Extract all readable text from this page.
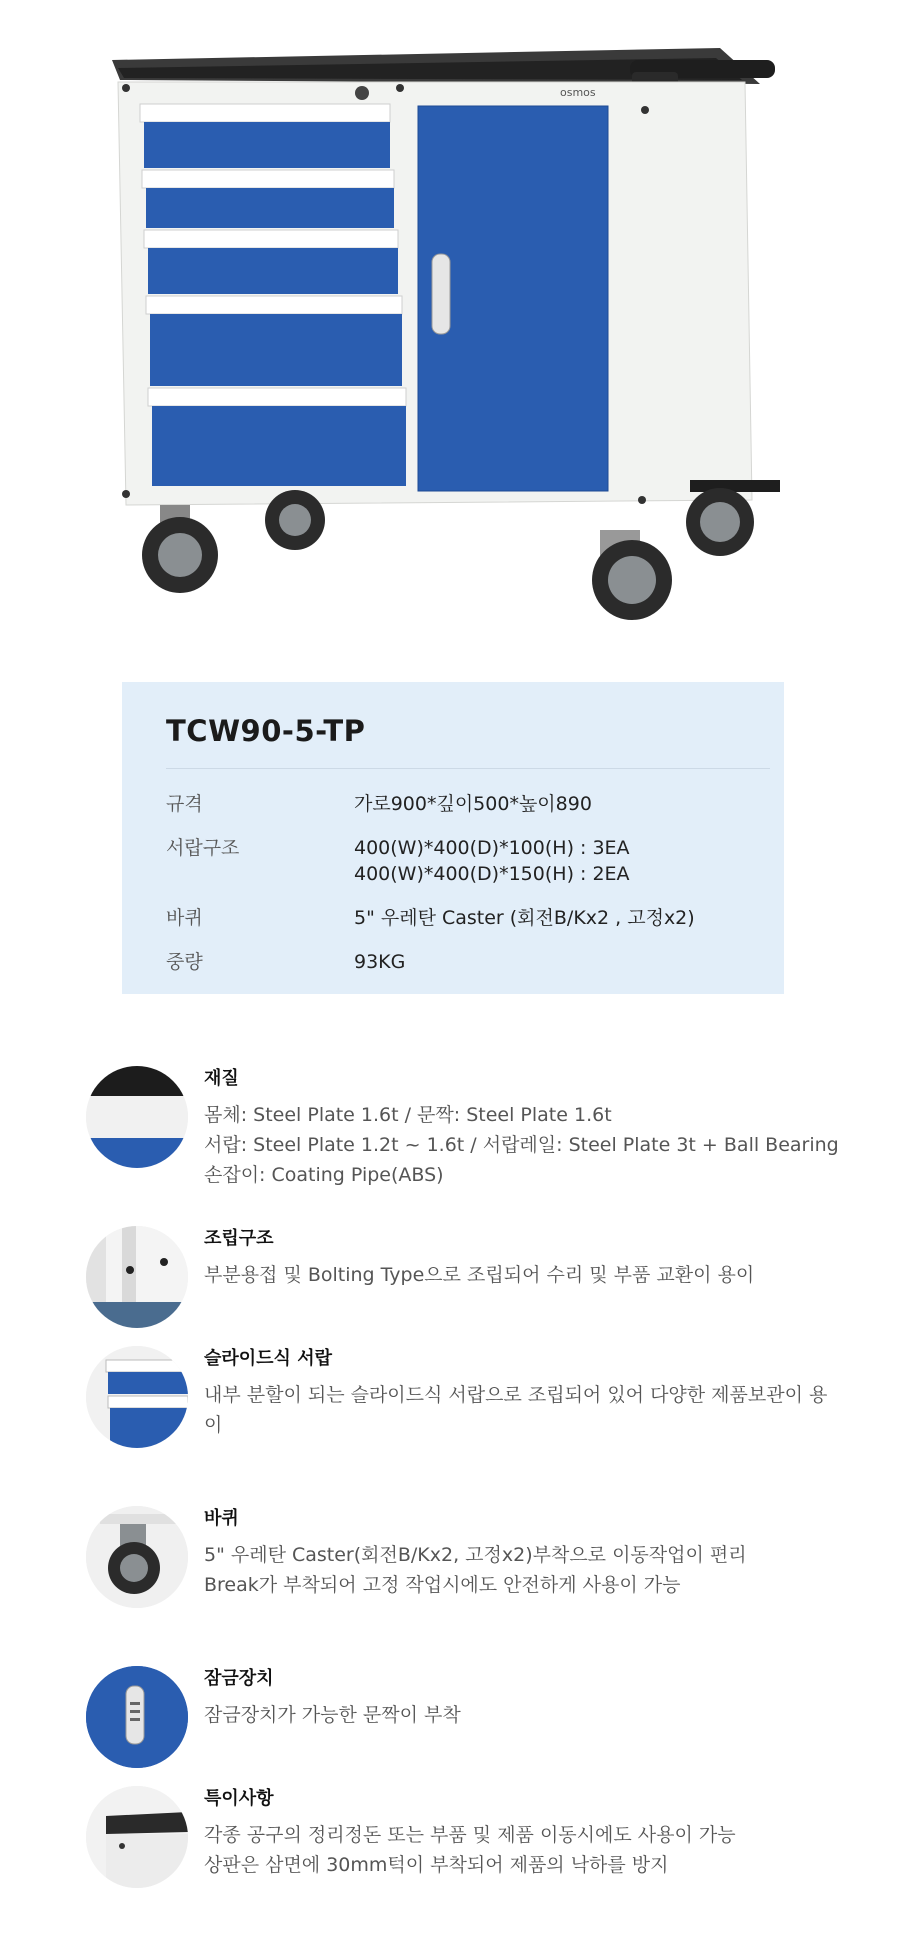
osmos
TCW90-5-TP
규격	가로900*깊이500*높이890
서랍구조	400(W)*400(D)*100(H) : 3EA
400(W)*400(D)*150(H) : 2EA
바퀴	5" 우레탄 Caster (회전B/Kx2 , 고정x2)
중량	93KG
재질
몸체: Steel Plate 1.6t / 문짝: Steel Plate 1.6t
서랍: Steel Plate 1.2t ~ 1.6t / 서랍레일: Steel Plate 3t + Ball Bearing
손잡이: Coating Pipe(ABS)
조립구조
부분용접 및 Bolting Type으로 조립되어 수리 및 부품 교환이 용이
슬라이드식 서랍
내부 분할이 되는 슬라이드식 서랍으로 조립되어 있어 다양한 제품보관이 용
이
바퀴
5" 우레탄 Caster(회전B/Kx2, 고정x2)부착으로 이동작업이 편리
Break가 부착되어 고정 작업시에도 안전하게 사용이 가능
잠금장치
잠금장치가 가능한 문짝이 부착
특이사항
각종 공구의 정리정돈 또는 부품 및 제품 이동시에도 사용이 가능
상판은 삼면에 30mm턱이 부착되어 제품의 낙하를 방지
